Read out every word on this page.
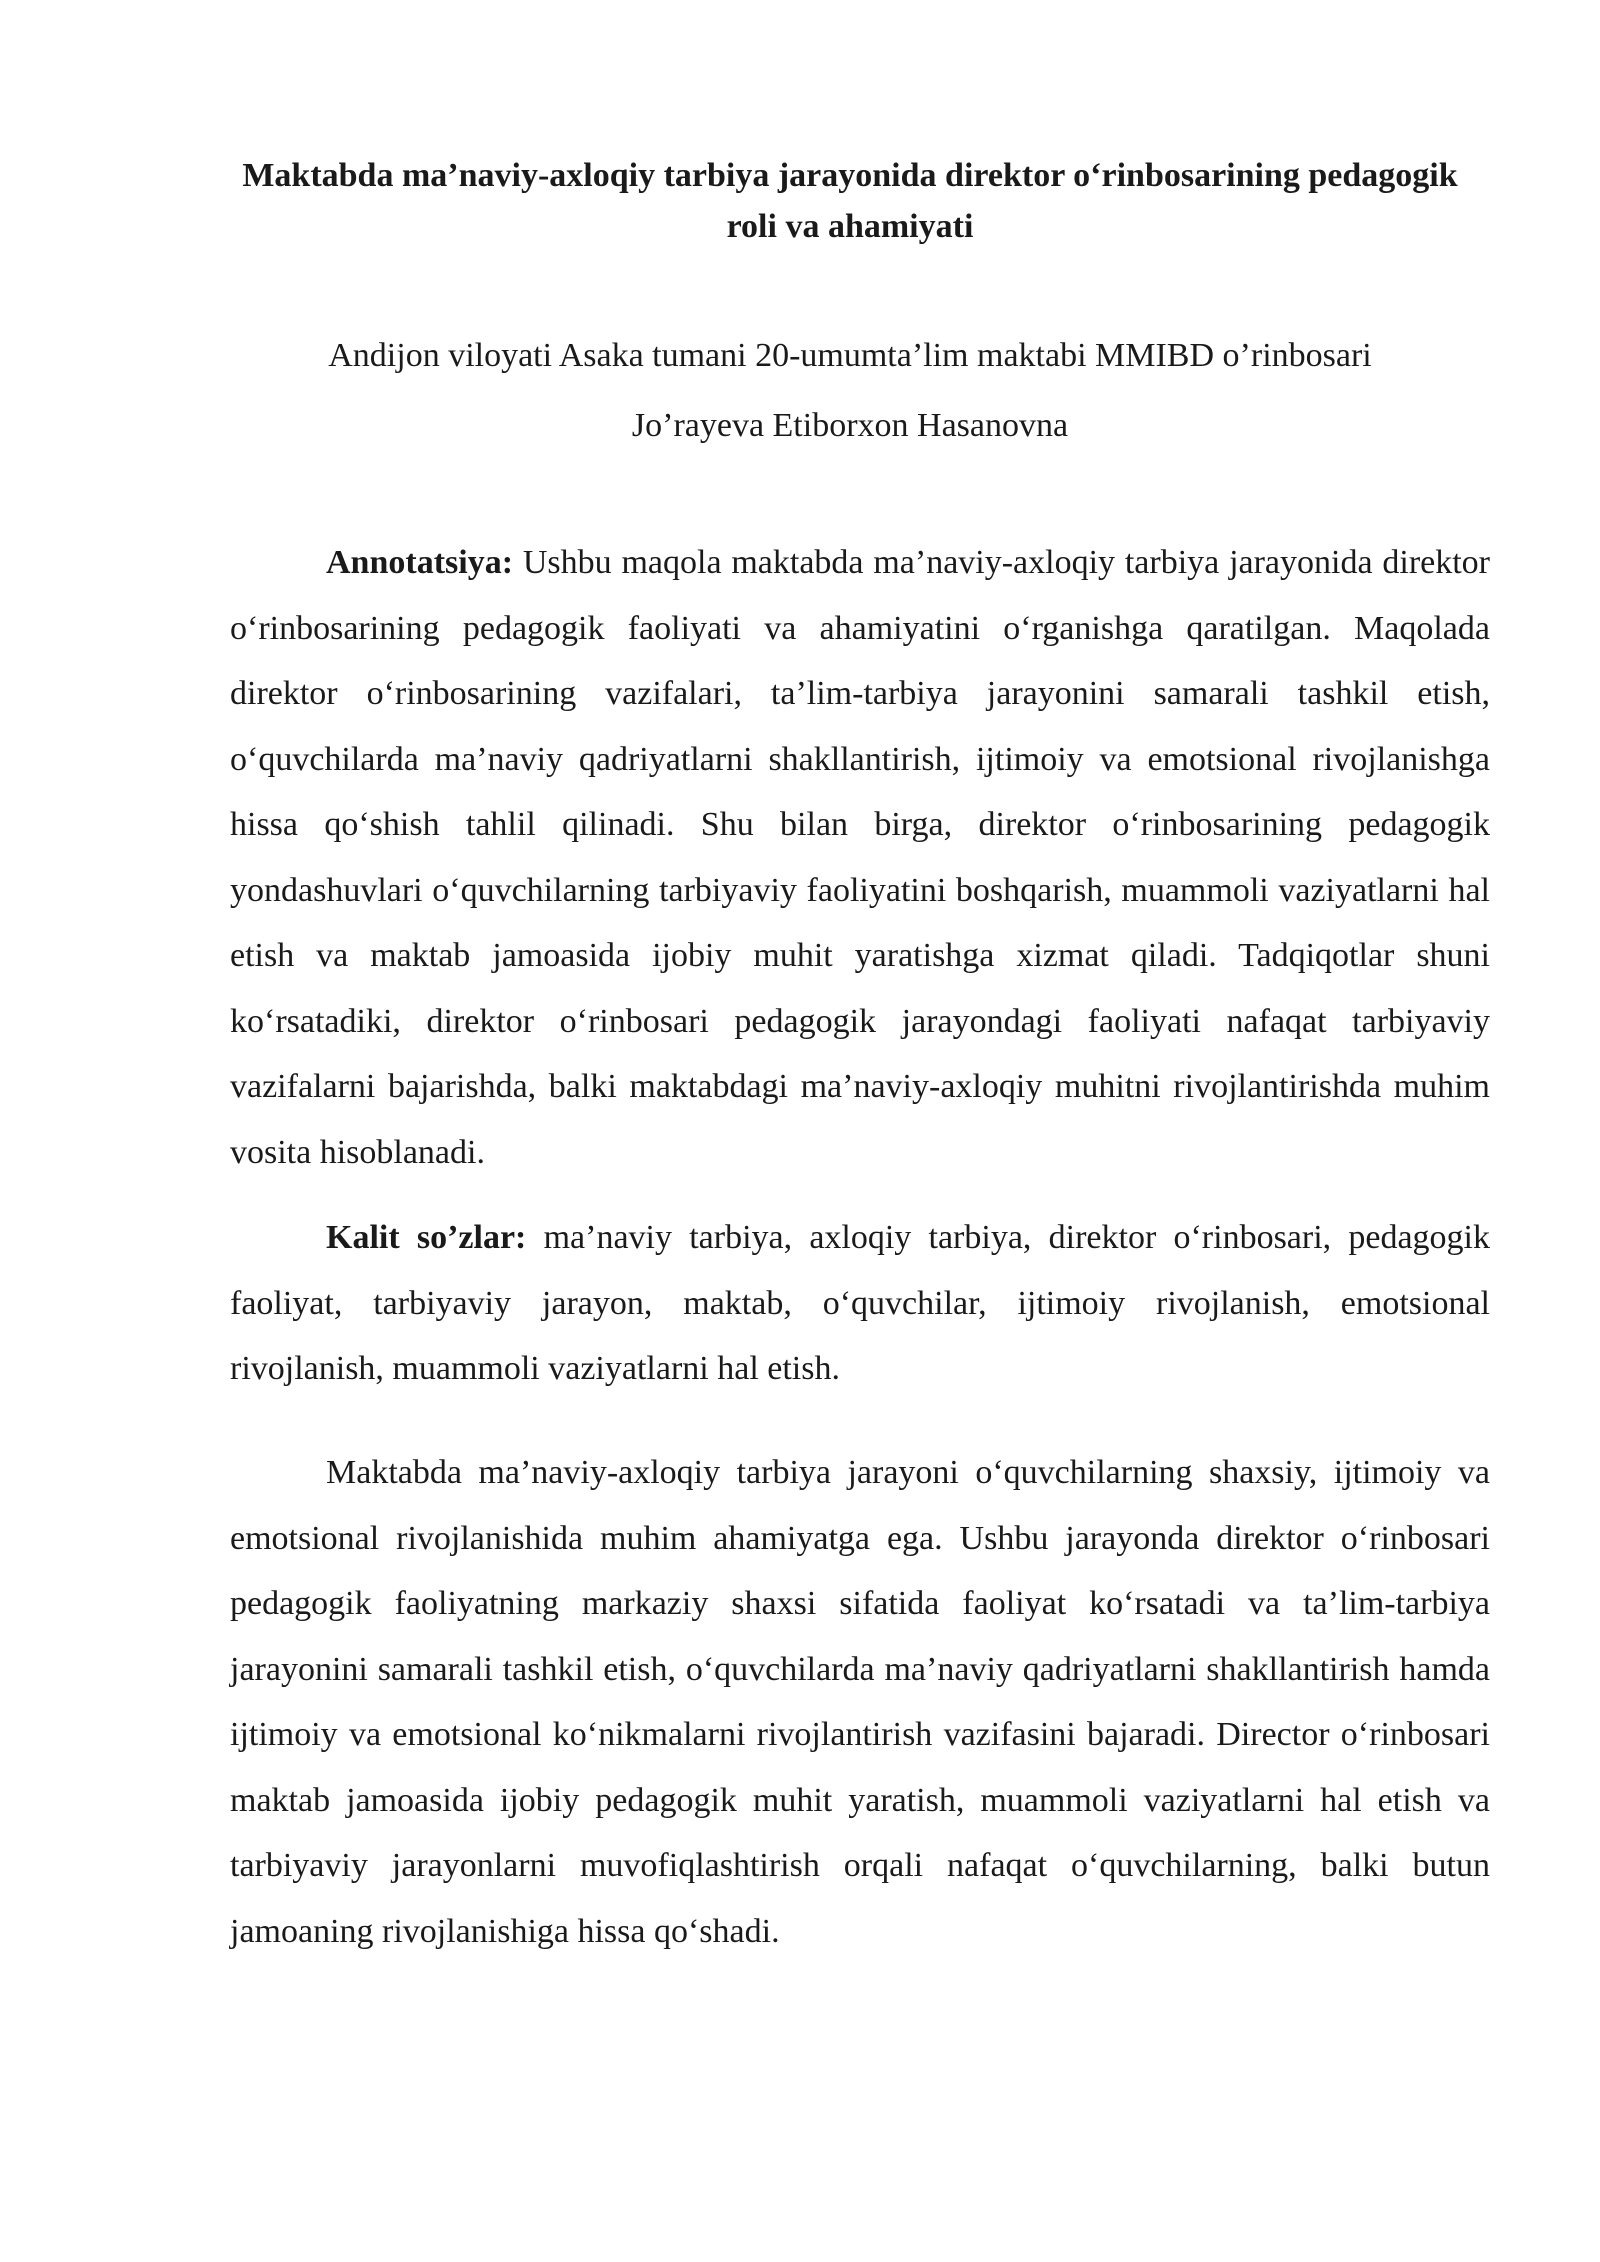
Maktabda ma’naviy-axloqiy tarbiya jarayonida direktor o‘rinbosarining pedagogik roli va ahamiyati

Andijon viloyati Asaka tumani 20-umumta’lim maktabi MMIBD o’rinbosari

Jo’rayeva Etiborxon Hasanovna

Annotatsiya: Ushbu maqola maktabda ma’naviy-axloqiy tarbiya jarayonida direktor o‘rinbosarining pedagogik faoliyati va ahamiyatini o‘rganishga qaratilgan. Maqolada direktor o‘rinbosarining vazifalari, ta’lim-tarbiya jarayonini samarali tashkil etish, o‘quvchilarda ma’naviy qadriyatlarni shakllantirish, ijtimoiy va emotsional rivojlanishga hissa qo‘shish tahlil qilinadi. Shu bilan birga, direktor o‘rinbosarining pedagogik yondashuvlari o‘quvchilarning tarbiyaviy faoliyatini boshqarish, muammoli vaziyatlarni hal etish va maktab jamoasida ijobiy muhit yaratishga xizmat qiladi. Tadqiqotlar shuni ko‘rsatadiki, direktor o‘rinbosari pedagogik jarayondagi faoliyati nafaqat tarbiyaviy vazifalarni bajarishda, balki maktabdagi ma’naviy-axloqiy muhitni rivojlantirishda muhim vosita hisoblanadi.

Kalit so’zlar: ma’naviy tarbiya, axloqiy tarbiya, direktor o‘rinbosari, pedagogik faoliyat, tarbiyaviy jarayon, maktab, o‘quvchilar, ijtimoiy rivojlanish, emotsional rivojlanish, muammoli vaziyatlarni hal etish.

Maktabda ma’naviy-axloqiy tarbiya jarayoni o‘quvchilarning shaxsiy, ijtimoiy va emotsional rivojlanishida muhim ahamiyatga ega. Ushbu jarayonda direktor o‘rinbosari pedagogik faoliyatning markaziy shaxsi sifatida faoliyat ko‘rsatadi va ta’lim-tarbiya jarayonini samarali tashkil etish, o‘quvchilarda ma’naviy qadriyatlarni shakllantirish hamda ijtimoiy va emotsional ko‘nikmalarni rivojlantirish vazifasini bajaradi. Director o‘rinbosari maktab jamoasida ijobiy pedagogik muhit yaratish, muammoli vaziyatlarni hal etish va tarbiyaviy jarayonlarni muvofiqlashtirish orqali nafaqat o‘quvchilarning, balki butun jamoaning rivojlanishiga hissa qo‘shadi.
